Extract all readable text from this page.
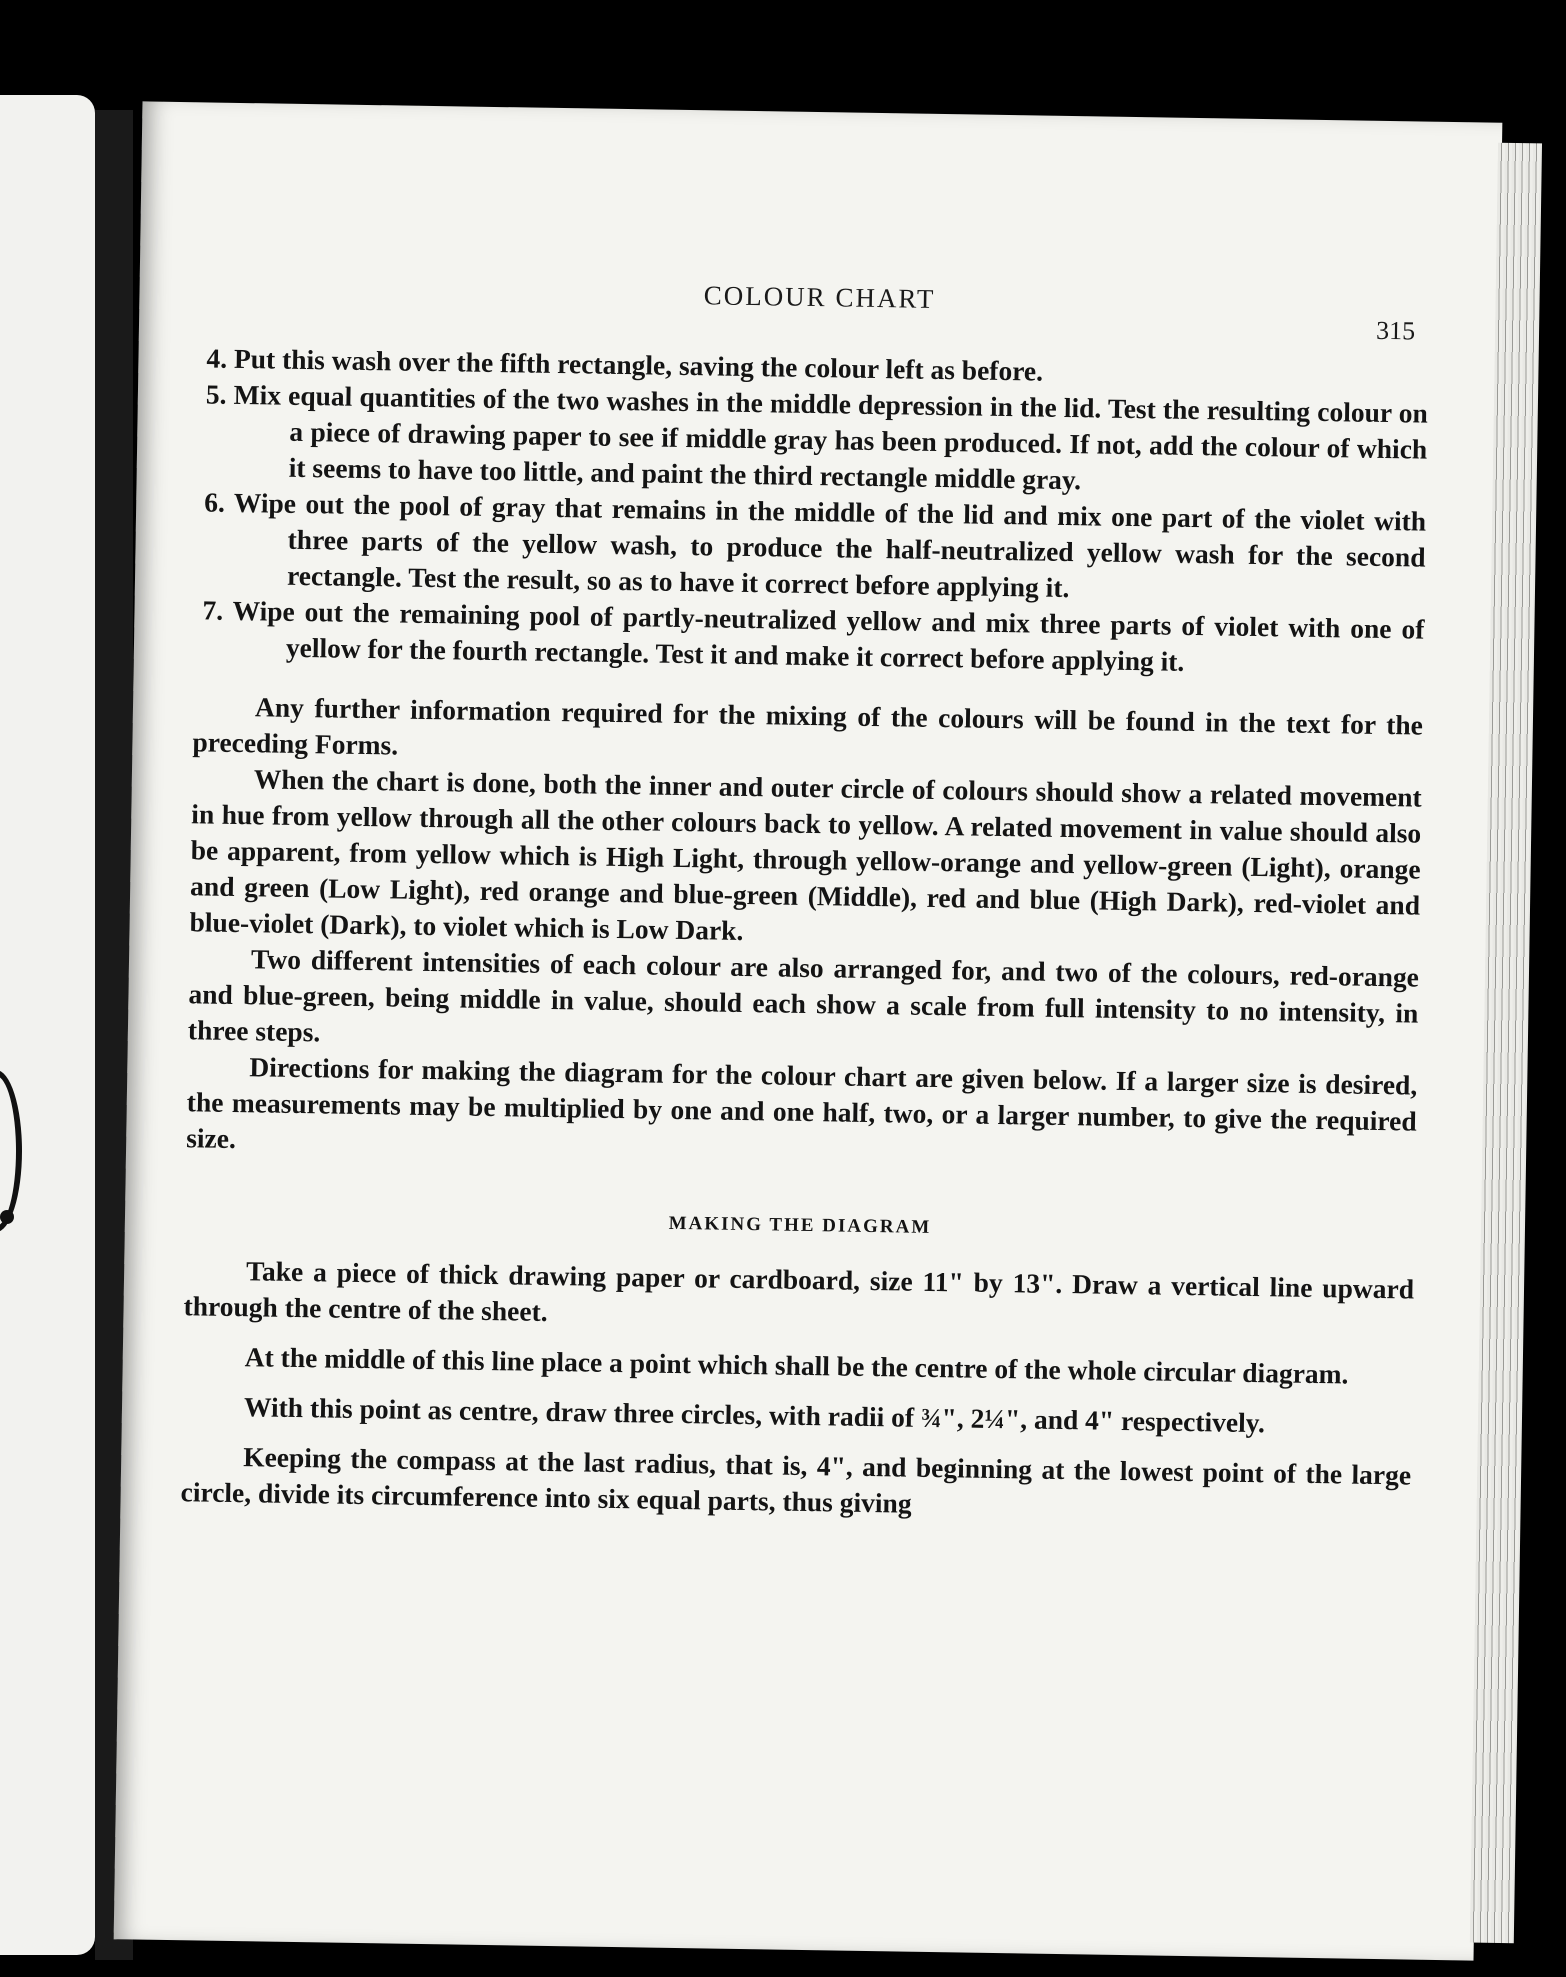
COLOUR CHART
315

4. Put this wash over the fifth rectangle, saving the colour left as before.

5. Mix equal quantities of the two washes in the middle depression in the lid. Test the resulting colour on a piece of drawing paper to see if middle gray has been produced. If not, add the colour of which it seems to have too little, and paint the third rectangle middle gray.

6. Wipe out the pool of gray that remains in the middle of the lid and mix one part of the violet with three parts of the yellow wash, to produce the half-neutralized yellow wash for the second rectangle. Test the result, so as to have it correct before applying it.

7. Wipe out the remaining pool of partly-neutralized yellow and mix three parts of violet with one of yellow for the fourth rectangle. Test it and make it correct before applying it.

Any further information required for the mixing of the colours will be found in the text for the preceding Forms.

When the chart is done, both the inner and outer circle of colours should show a related movement in hue from yellow through all the other colours back to yellow. A related movement in value should also be apparent, from yellow which is High Light, through yellow-orange and yellow-green (Light), orange and green (Low Light), red orange and blue-green (Middle), red and blue (High Dark), red-violet and blue-violet (Dark), to violet which is Low Dark.

Two different intensities of each colour are also arranged for, and two of the colours, red-orange and blue-green, being middle in value, should each show a scale from full intensity to no intensity, in three steps.

Directions for making the diagram for the colour chart are given below. If a larger size is desired, the measurements may be multiplied by one and one half, two, or a larger number, to give the required size.

MAKING THE DIAGRAM

Take a piece of thick drawing paper or cardboard, size 11" by 13". Draw a vertical line upward through the centre of the sheet.

At the middle of this line place a point which shall be the centre of the whole circular diagram.

With this point as centre, draw three circles, with radii of ¾", 2¼", and 4" respectively.

Keeping the compass at the last radius, that is, 4", and beginning at the lowest point of the large circle, divide its circumference into six equal parts, thus giving
